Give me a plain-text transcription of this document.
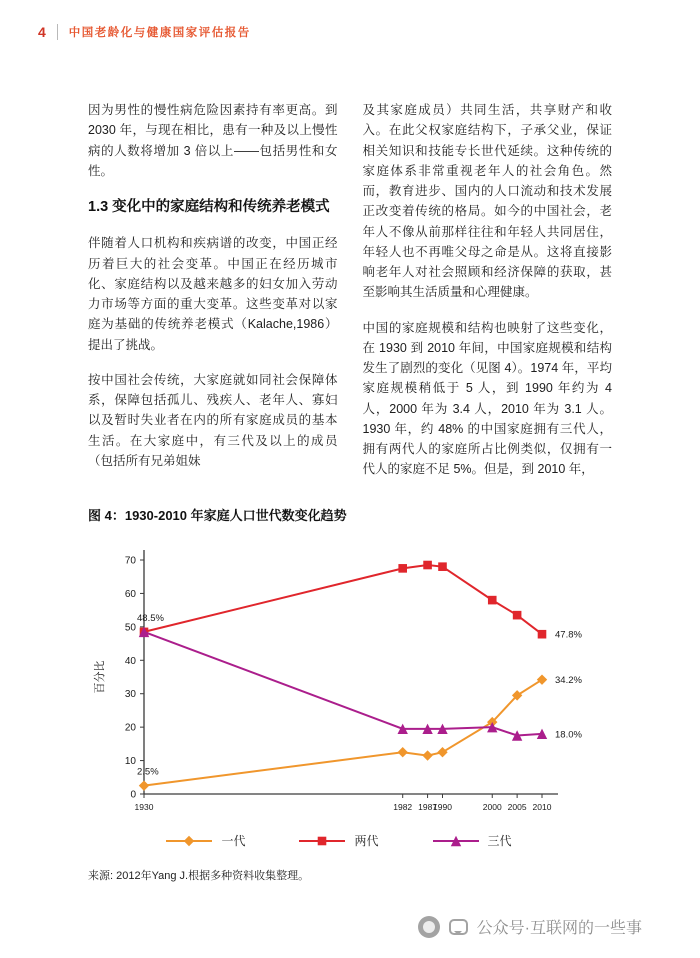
4 中国老龄化与健康国家评估报告

因为男性的慢性病危险因素持有率更高。到 2030 年，与现在相比，患有一种及以上慢性病的人数将增加 3 倍以上——包括男性和女性。

1.3 变化中的家庭结构和传统养老模式

伴随着人口机构和疾病谱的改变，中国正经历着巨大的社会变革。中国正在经历城市化、家庭结构以及越来越多的妇女加入劳动力市场等方面的重大变革。这些变革对以家庭为基础的传统养老模式（Kalache,1986）提出了挑战。

按中国社会传统，大家庭就如同社会保障体系，保障包括孤儿、残疾人、老年人、寡妇以及暂时失业者在内的所有家庭成员的基本生活。在大家庭中，有三代及以上的成员（包括所有兄弟姐妹

及其家庭成员）共同生活，共享财产和收入。在此父权家庭结构下，子承父业，保证相关知识和技能专长世代延续。这种传统的家庭体系非常重视老年人的社会角色。然而，教育进步、国内的人口流动和技术发展正改变着传统的格局。如今的中国社会，老年人不像从前那样往往和年轻人共同居住，年轻人也不再唯父母之命是从。这将直接影响老年人对社会照顾和经济保障的获取，甚至影响其生活质量和心理健康。

中国的家庭规模和结构也映射了这些变化，在 1930 到 2010 年间，中国家庭规模和结构发生了剧烈的变化（见图 4）。1974 年，平均家庭规模稍低于 5 人，到 1990 年约为 4 人，2000 年为 3.4 人，2010 年为 3.1 人。1930 年，约 48% 的中国家庭拥有三代人，拥有两代人的家庭所占比例类似，仅拥有一代人的家庭不足 5%。但是，到 2010 年，

图 4：1930-2010 年家庭人口世代数变化趋势
0
10
20
30
40
50
60
70
1930	1982 1987
1990	2000 2005 2010
百分比
48.5%
2.5%
47.8%
34.2%
18.0%
一代	两代	三代

来源: 2012年Yang J.根据多种资料收集整理。

公众号·互联网的一些事
